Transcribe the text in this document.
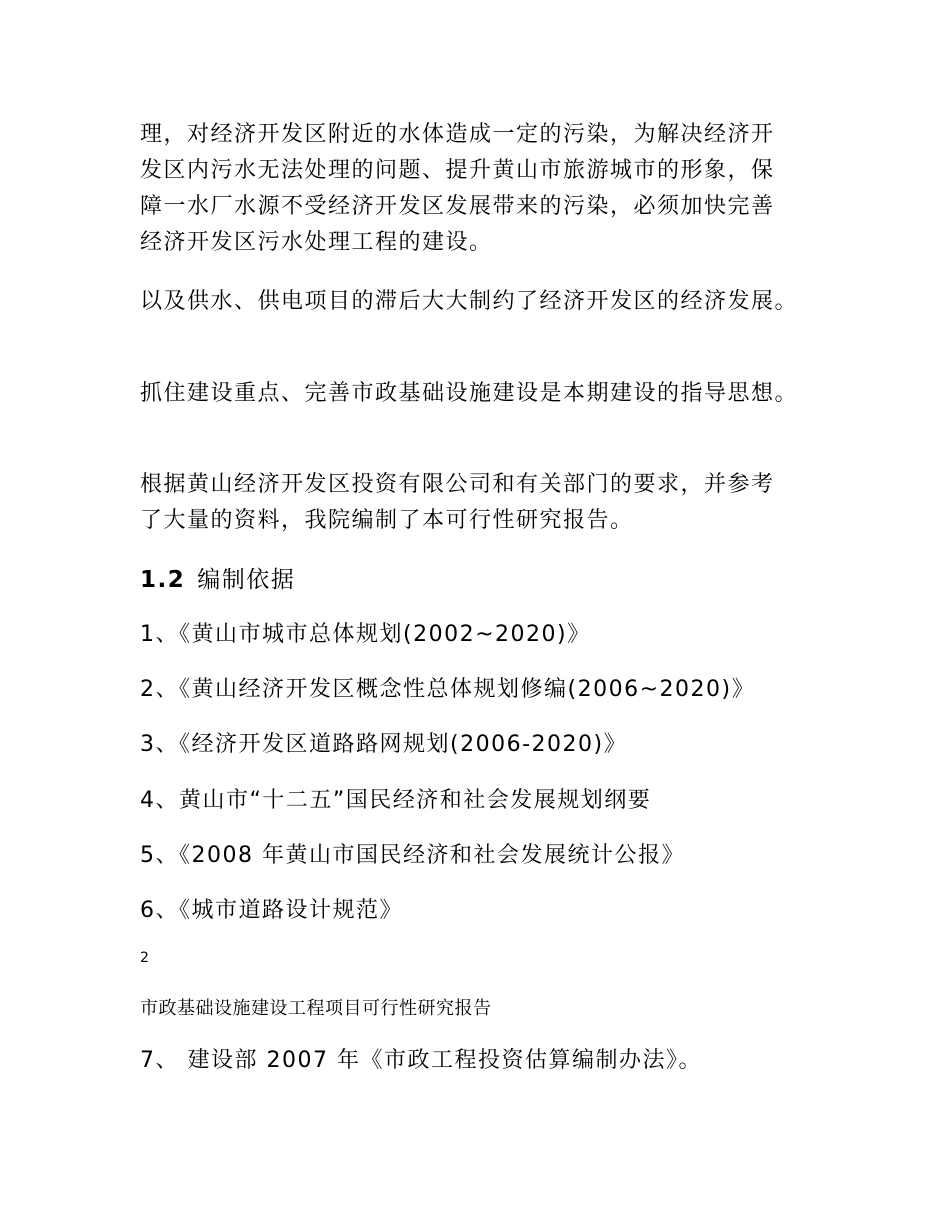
理，对经济开发区附近的水体造成一定的污染，为解决经济开
发区内污水无法处理的问题、提升黄山市旅游城市的形象，保
障一水厂水源不受经济开发区发展带来的污染，必须加快完善
经济开发区污水处理工程的建设。
以及供水、供电项目的滞后大大制约了经济开发区的经济发展。
抓住建设重点、完善市政基础设施建设是本期建设的指导思想。
根据黄山经济开发区投资有限公司和有关部门的要求，并参考
了大量的资料，我院编制了本可行性研究报告。
1.2 编制依据
1、《黄山市城市总体规划(2002~2020)》
2、《黄山经济开发区概念性总体规划修编(2006~2020)》
3、《经济开发区道路路网规划(2006-2020)》
4、黄山市“十二五”国民经济和社会发展规划纲要
5、《2008 年黄山市国民经济和社会发展统计公报》
6、《城市道路设计规范》
2
市政基础设施建设工程项目可行性研究报告
7、 建设部 2007 年《市政工程投资估算编制办法》。
